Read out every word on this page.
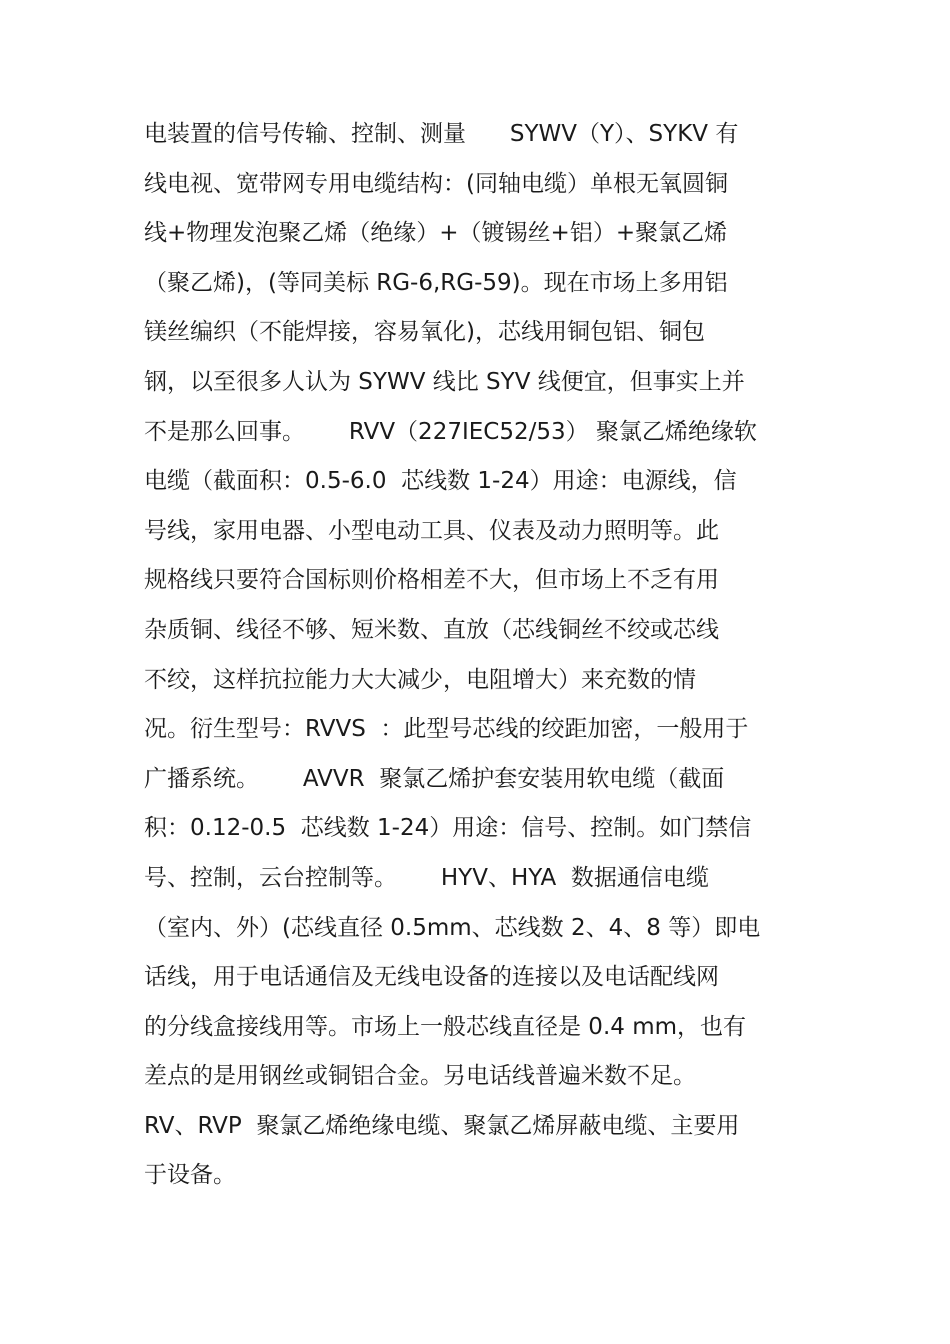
电装置的信号传输、控制、测量      SYWV（Y）、SYKV 有
线电视、宽带网专用电缆结构：(同轴电缆）单根无氧圆铜
线+物理发泡聚乙烯（绝缘）+（镀锡丝+铝）+聚氯乙烯
（聚乙烯)，(等同美标 RG-6,RG-59)。现在市场上多用铝
镁丝编织（不能焊接，容易氧化)，芯线用铜包铝、铜包
钢，以至很多人认为 SYWV 线比 SYV 线便宜，但事实上并
不是那么回事。      RVV（227IEC52/53） 聚氯乙烯绝缘软
电缆（截面积：0.5-6.0  芯线数 1-24）用途：电源线，信
号线，家用电器、小型电动工具、仪表及动力照明等。此
规格线只要符合国标则价格相差不大，但市场上不乏有用
杂质铜、线径不够、短米数、直放（芯线铜丝不绞或芯线
不绞，这样抗拉能力大大减少，电阻增大）来充数的情
况。衍生型号：RVVS  ：此型号芯线的绞距加密，一般用于
广播系统。      AVVR  聚氯乙烯护套安装用软电缆（截面
积：0.12-0.5  芯线数 1-24）用途：信号、控制。如门禁信
号、控制，云台控制等。      HYV、HYA  数据通信电缆
（室内、外）(芯线直径 0.5mm、芯线数 2、4、8 等）即电
话线，用于电话通信及无线电设备的连接以及电话配线网
的分线盒接线用等。市场上一般芯线直径是 0.4 mm，也有
差点的是用钢丝或铜铝合金。另电话线普遍米数不足。
RV、RVP  聚氯乙烯绝缘电缆、聚氯乙烯屏蔽电缆、主要用
于设备。
